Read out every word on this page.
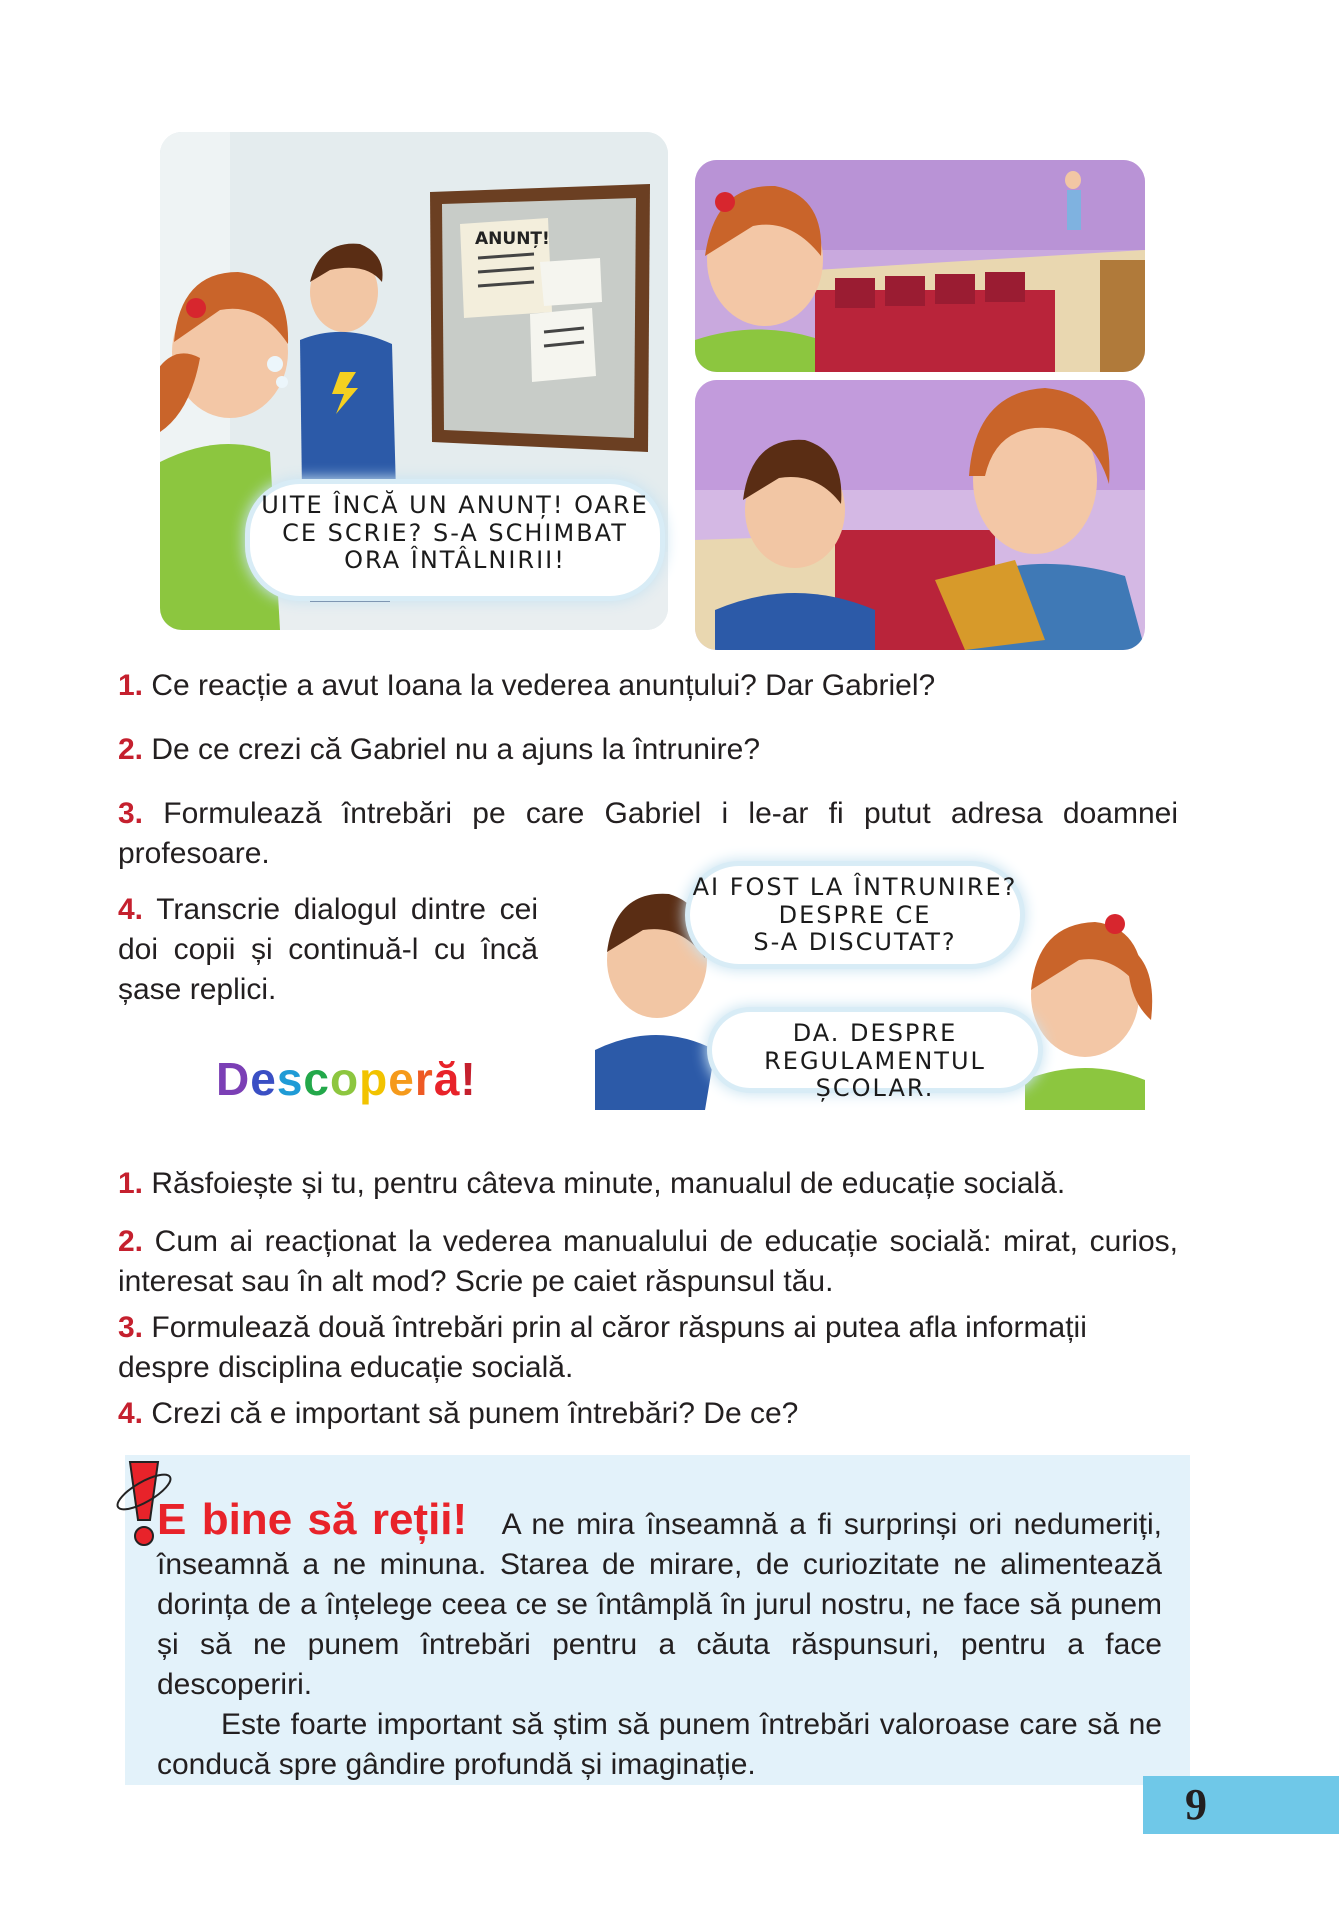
ANUNȚ!
UITE ÎNCĂ UN ANUNȚ! OARE
CE SCRIE? S-A SCHIMBAT
ORA ÎNTÂLNIRII!
1. Ce reacție a avut Ioana la vederea anunțului? Dar Gabriel?
2. De ce crezi că Gabriel nu a ajuns la întrunire?
3. Formulează întrebări pe care Gabriel i le-ar fi putut adresa doamnei profesoare.
4. Transcrie dialogul dintre cei doi copii și continuă-l cu încă șase replici.
AI FOST LA ÎNTRUNIRE?
DESPRE CE
S-A DISCUTAT?
DA. DESPRE
REGULAMENTUL ȘCOLAR.
Descoperă!
1. Răsfoiește și tu, pentru câteva minute, manualul de educație socială.
2. Cum ai reacționat la vederea manualului de educație socială: mirat, curios, interesat sau în alt mod? Scrie pe caiet răspunsul tău.
3. Formulează două întrebări prin al căror răspuns ai putea afla informații despre disciplina educație socială.
4. Crezi că e important să punem întrebări? De ce?
E bine să reții! A ne mira înseamnă a fi surprinși ori nedumeriți, înseamnă a ne minuna. Starea de mirare, de curiozitate ne alimentează dorința de a înțelege ceea ce se întâmplă în jurul nostru, ne face să punem și să ne punem întrebări pentru a căuta răspunsuri, pentru a face descoperiri.
Este foarte important să știm să punem întrebări valoroase care să ne conducă spre gândire profundă și imaginație.
9
